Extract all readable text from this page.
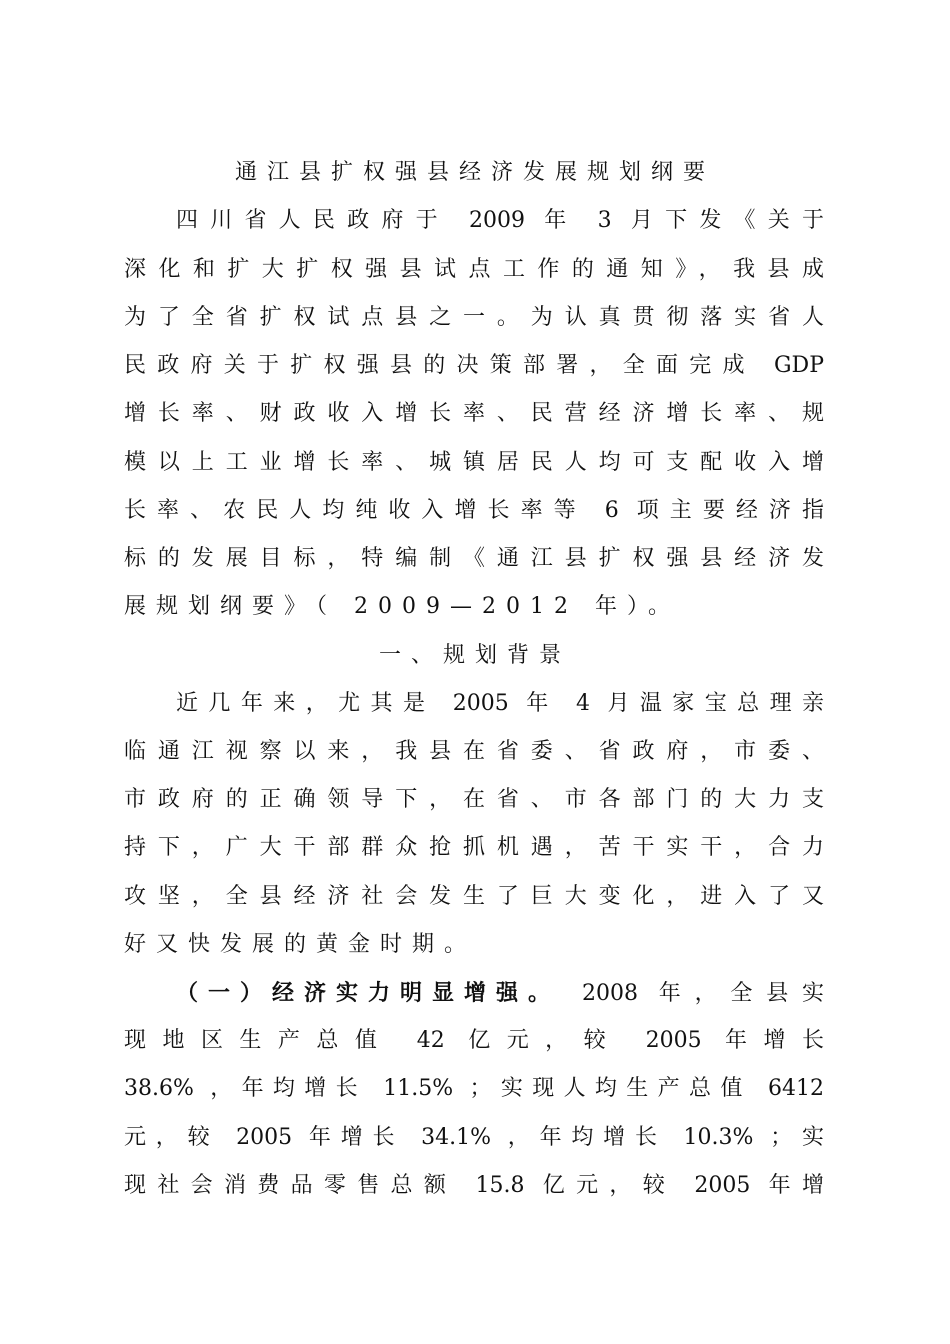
通江县扩权强县经济发展规划纲要
四川省人民政府于 2009 年 3 月下发《关于
深化和扩大扩权强县试点工作的通知》，我县成
为了全省扩权试点县之一。为认真贯彻落实省人
民政府关于扩权强县的决策部署，全面完成 GDP
增长率、财政收入增长率、民营经济增长率、规
模以上工业增长率、城镇居民人均可支配收入增
长率、农民人均纯收入增长率等 6 项主要经济指
标的发展目标，特编制《通江县扩权强县经济发
展规划纲要》（ 2009—2012 年）。
一、规划背景
近几年来，尤其是 2005 年 4 月温家宝总理亲
临通江视察以来，我县在省委、省政府，市委、
市政府的正确领导下，在省、市各部门的大力支
持下，广大干部群众抢抓机遇，苦干实干，合力
攻坚，全县经济社会发生了巨大变化，进入了又
好又快发展的黄金时期。
（一）经济实力明显增强。 2008 年，全县实
现地区生产总值 42 亿元，较 2005 年增长
38.6% ，年均增长 11.5% ；实现人均生产总值 6412
元，较 2005 年增长 34.1% ，年均增长 10.3% ；实
现社会消费品零售总额 15.8 亿元，较 2005 年增
